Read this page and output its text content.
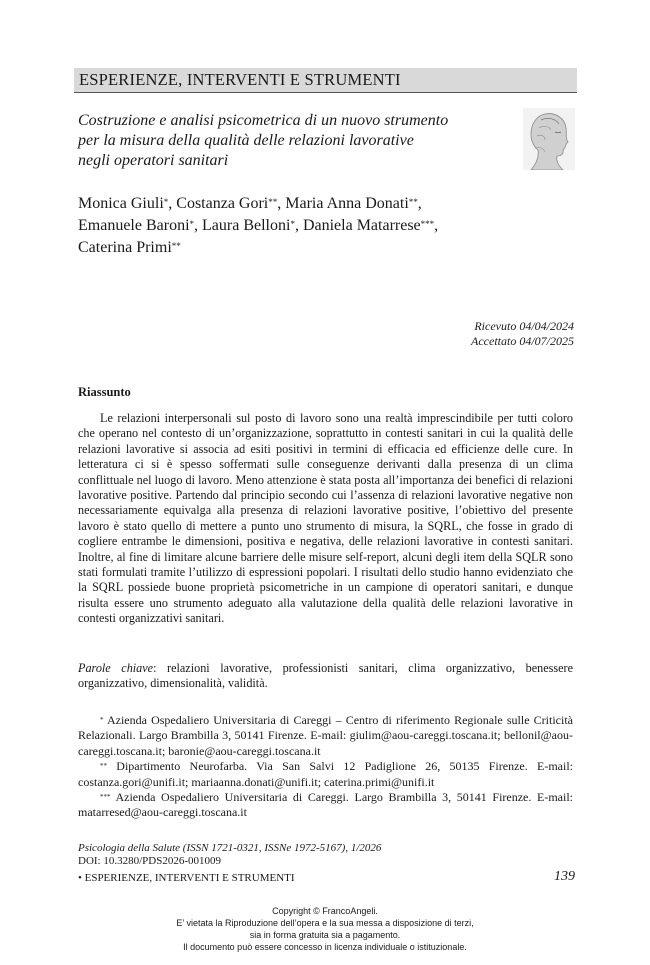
ESPERIENZE, INTERVENTI E STRUMENTI
Costruzione e analisi psicometrica di un nuovo strumento
per la misura della qualità delle relazioni lavorative
negli operatori sanitari
Monica Giuli*, Costanza Gori**, Maria Anna Donati**,
Emanuele Baroni*, Laura Belloni*, Daniela Matarrese***,
Caterina Primi**
Ricevuto 04/04/2024
Accettato 04/07/2025
Riassunto

Le relazioni interpersonali sul posto di lavoro sono una realtà imprescindibile per tutti coloro che operano nel contesto di un’organizzazione, soprattutto in contesti sanitari in cui la qualità delle relazioni lavorative si associa ad esiti positivi in termini di efficacia ed efficienze delle cure. In letteratura ci si è spesso soffermati sulle conseguenze derivanti dalla presenza di un clima conflittuale nel luogo di lavoro. Meno attenzione è stata posta all’importanza dei benefici di relazioni lavorative positive. Partendo dal principio secondo cui l’assenza di relazioni lavorative negative non necessariamente equivalga alla presenza di relazioni lavorative positive, l’obiettivo del presente lavoro è stato quello di mettere a punto uno strumento di misura, la SQRL, che fosse in grado di cogliere entrambe le dimensioni, positiva e negativa, delle relazioni lavorative in contesti sanitari. Inoltre, al fine di limitare alcune barriere delle misure self-report, alcuni degli item della SQLR sono stati formulati tramite l’utilizzo di espressioni popolari. I risultati dello studio hanno evidenziato che la SQRL possiede buone proprietà psicometriche in un campione di operatori sanitari, e dunque risulta essere uno strumento adeguato alla valutazione della qualità delle relazioni lavorative in contesti organizzativi sanitari.

Parole chiave: relazioni lavorative, professionisti sanitari, clima organizzativo, benessere organizzativo, dimensionalità, validità.

* Azienda Ospedaliero Universitaria di Careggi – Centro di riferimento Regionale sulle Criticità Relazionali. Largo Brambilla 3, 50141 Firenze. E-mail: giulim@aou-careggi.toscana.it; bellonil@aou-careggi.toscana.it; baronie@aou-careggi.toscana.it

** Dipartimento Neurofarba. Via San Salvi 12 Padiglione 26, 50135 Firenze. E-mail: costanza.gori@unifi.it; mariaanna.donati@unifi.it; caterina.primi@unifi.it

*** Azienda Ospedaliero Universitaria di Careggi. Largo Brambilla 3, 50141 Firenze. E-mail: matarresed@aou-careggi.toscana.it

Psicologia della Salute (ISSN 1721-0321, ISSNe 1972-5167), 1/2026
DOI: 10.3280/PDS2026-001009
• ESPERIENZE, INTERVENTI E STRUMENTI	139
Copyright © FrancoAngeli.
E’ vietata la Riproduzione dell’opera e la sua messa a disposizione di terzi,
sia in forma gratuita sia a pagamento.
Il documento può essere concesso in licenza individuale o istituzionale.
